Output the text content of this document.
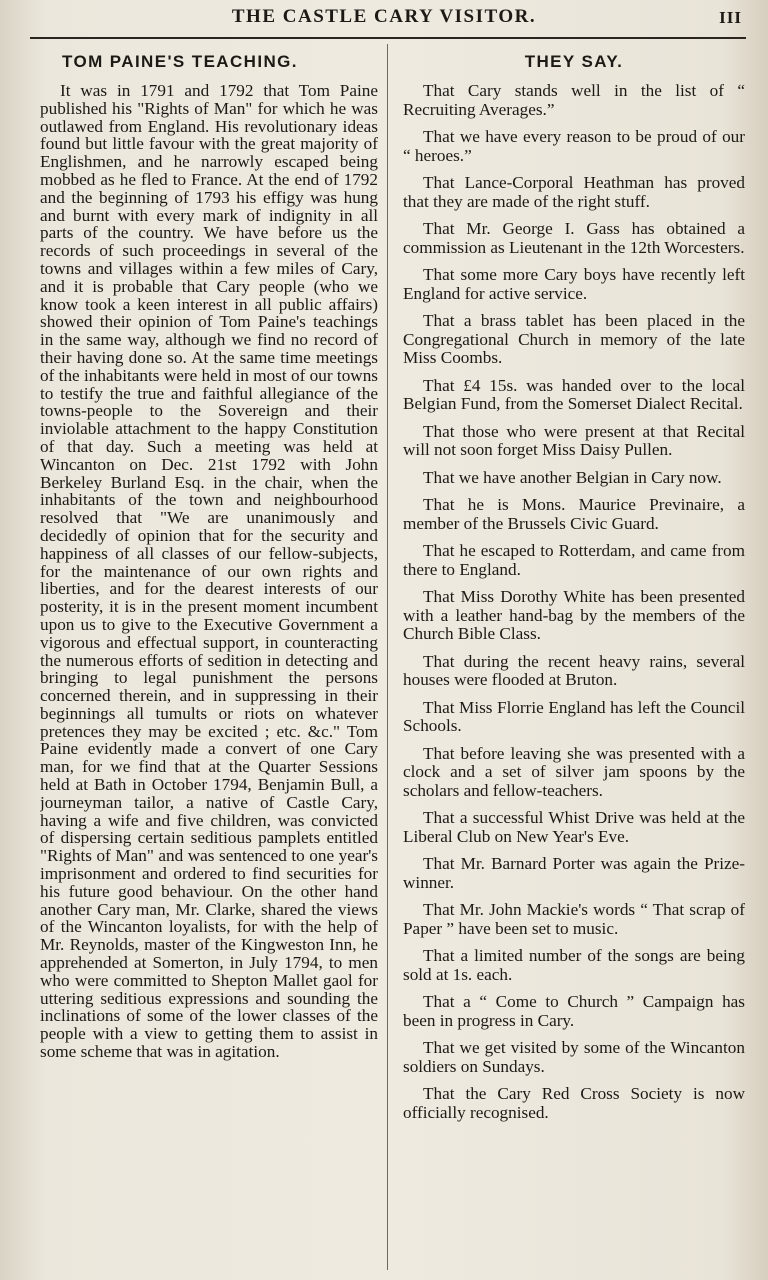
THE CASTLE CARY VISITOR.	III
TOM PAINE'S TEACHING.

It was in 1791 and 1792 that Tom Paine published his "Rights of Man" for which he was outlawed from England. His revolutionary ideas found but little favour with the great majority of Englishmen, and he narrowly escaped being mobbed as he fled to France. At the end of 1792 and the beginning of 1793 his effigy was hung and burnt with every mark of indignity in all parts of the country. We have before us the records of such proceedings in several of the towns and villages within a few miles of Cary, and it is probable that Cary people (who we know took a keen interest in all public affairs) showed their opinion of Tom Paine's teachings in the same way, although we find no record of their having done so. At the same time meetings of the inhabitants were held in most of our towns to testify the true and faithful allegiance of the towns-people to the Sovereign and their inviolable attachment to the happy Constitution of that day. Such a meeting was held at Wincanton on Dec. 21st 1792 with John Berkeley Burland Esq. in the chair, when the inhabitants of the town and neighbourhood resolved that "We are unanimously and decidedly of opinion that for the security and happiness of all classes of our fellow-subjects, for the maintenance of our own rights and liberties, and for the dearest interests of our posterity, it is in the present moment incumbent upon us to give to the Executive Government a vigorous and effectual support, in counteracting the numerous efforts of sedition in detecting and bringing to legal punishment the persons concerned therein, and in suppressing in their beginnings all tumults or riots on whatever pretences they may be excited ; etc. &c." Tom Paine evidently made a convert of one Cary man, for we find that at the Quarter Sessions held at Bath in October 1794, Benjamin Bull, a journeyman tailor, a native of Castle Cary, having a wife and five children, was convicted of dispersing certain seditious pamplets entitled "Rights of Man" and was sentenced to one year's imprisonment and ordered to find securities for his future good behaviour. On the other hand another Cary man, Mr. Clarke, shared the views of the Wincanton loyalists, for with the help of Mr. Reynolds, master of the Kingweston Inn, he apprehended at Somerton, in July 1794, to men who were committed to Shepton Mallet gaol for uttering seditious expressions and sounding the inclinations of some of the lower classes of the people with a view to getting them to assist in some scheme that was in agitation.

THEY SAY.
That Cary stands well in the list of “ Recruiting Averages.”
That we have every reason to be proud of our “ heroes.”
That Lance-Corporal Heathman has proved that they are made of the right stuff.
That Mr. George I. Gass has obtained a commission as Lieutenant in the 12th Worcesters.
That some more Cary boys have recently left England for active service.
That a brass tablet has been placed in the Congregational Church in memory of the late Miss Coombs.
That £4 15s. was handed over to the local Belgian Fund, from the Somerset Dialect Recital.
That those who were present at that Recital will not soon forget Miss Daisy Pullen.
That we have another Belgian in Cary now.
That he is Mons. Maurice Previnaire, a member of the Brussels Civic Guard.
That he escaped to Rotterdam, and came from there to England.
That Miss Dorothy White has been presented with a leather hand-bag by the members of the Church Bible Class.
That during the recent heavy rains, several houses were flooded at Bruton.
That Miss Florrie England has left the Council Schools.
That before leaving she was presented with a clock and a set of silver jam spoons by the scholars and fellow-teachers.
That a successful Whist Drive was held at the Liberal Club on New Year's Eve.
That Mr. Barnard Porter was again the Prize-winner.
That Mr. John Mackie's words “ That scrap of Paper ” have been set to music.
That a limited number of the songs are being sold at 1s. each.
That a “ Come to Church ” Campaign has been in progress in Cary.
That we get visited by some of the Wincanton soldiers on Sundays.
That the Cary Red Cross Society is now officially recognised.
